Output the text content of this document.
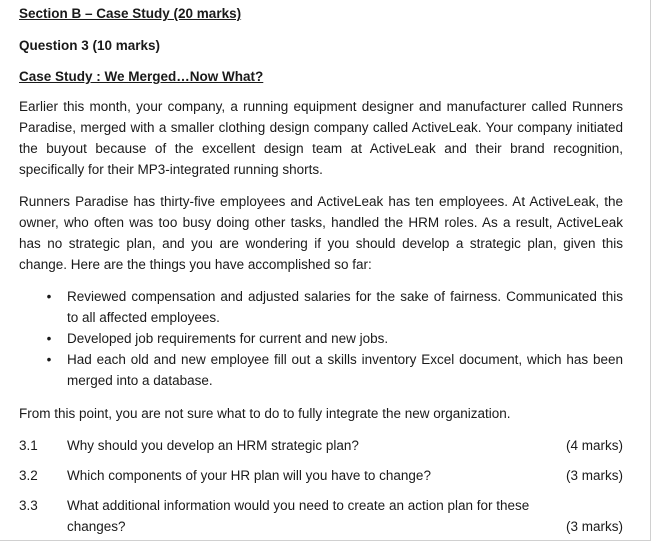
Section B – Case Study (20 marks)
Question 3 (10 marks)
Case Study : We Merged…Now What?

Earlier this month, your company, a running equipment designer and manufacturer called Runners Paradise, merged with a smaller clothing design company called ActiveLeak. Your company initiated the buyout because of the excellent design team at ActiveLeak and their brand recognition, specifically for their MP3-integrated running shorts.

Runners Paradise has thirty-five employees and ActiveLeak has ten employees. At ActiveLeak, the owner, who often was too busy doing other tasks, handled the HRM roles. As a result, ActiveLeak has no strategic plan, and you are wondering if you should develop a strategic plan, given this change. Here are the things you have accomplished so far:

•	Reviewed compensation and adjusted salaries for the sake of fairness. Communicated this to all affected employees.
•	Developed job requirements for current and new jobs.
•	Had each old and new employee fill out a skills inventory Excel document, which has been merged into a database.

From this point, you are not sure what to do to fully integrate the new organization.

3.1	Why should you develop an HRM strategic plan?	(4 marks)
3.2	Which components of your HR plan will you have to change?	(3 marks)
3.3	What additional information would you need to create an action plan for these
changes? (3 marks)	
